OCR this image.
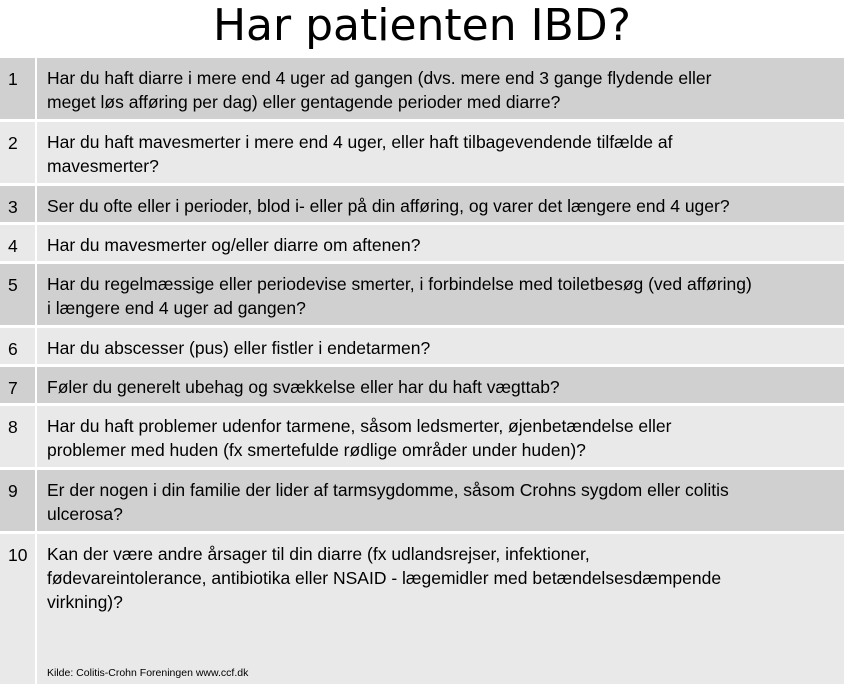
Har patienten IBD?
1	Har du haft diarre i mere end 4 uger ad gangen (dvs. mere end 3 gange flydende eller
meget løs afføring per dag) eller gentagende perioder med diarre?
2	Har du haft mavesmerter i mere end 4 uger, eller haft tilbagevendende tilfælde af
mavesmerter?
3	Ser du ofte eller i perioder, blod i- eller på din afføring, og varer det længere end 4 uger?
4	Har du mavesmerter og/eller diarre om aftenen?
5	Har du regelmæssige eller periodevise smerter, i forbindelse med toiletbesøg (ved afføring)
i længere end 4 uger ad gangen?
6	Har du abscesser (pus) eller fistler i endetarmen?
7	Føler du generelt ubehag og svækkelse eller har du haft vægttab?
8	Har du haft problemer udenfor tarmene, såsom ledsmerter, øjenbetændelse eller
problemer med huden (fx smertefulde rødlige områder under huden)?
9	Er der nogen i din familie der lider af tarmsygdomme, såsom Crohns sygdom eller colitis
ulcerosa?
10	Kan der være andre årsager til din diarre (fx udlandsrejser, infektioner,
fødevareintolerance, antibiotika eller NSAID - lægemidler med betændelsesdæmpende
virkning)?
Kilde: Colitis-Crohn Foreningen www.ccf.dk
